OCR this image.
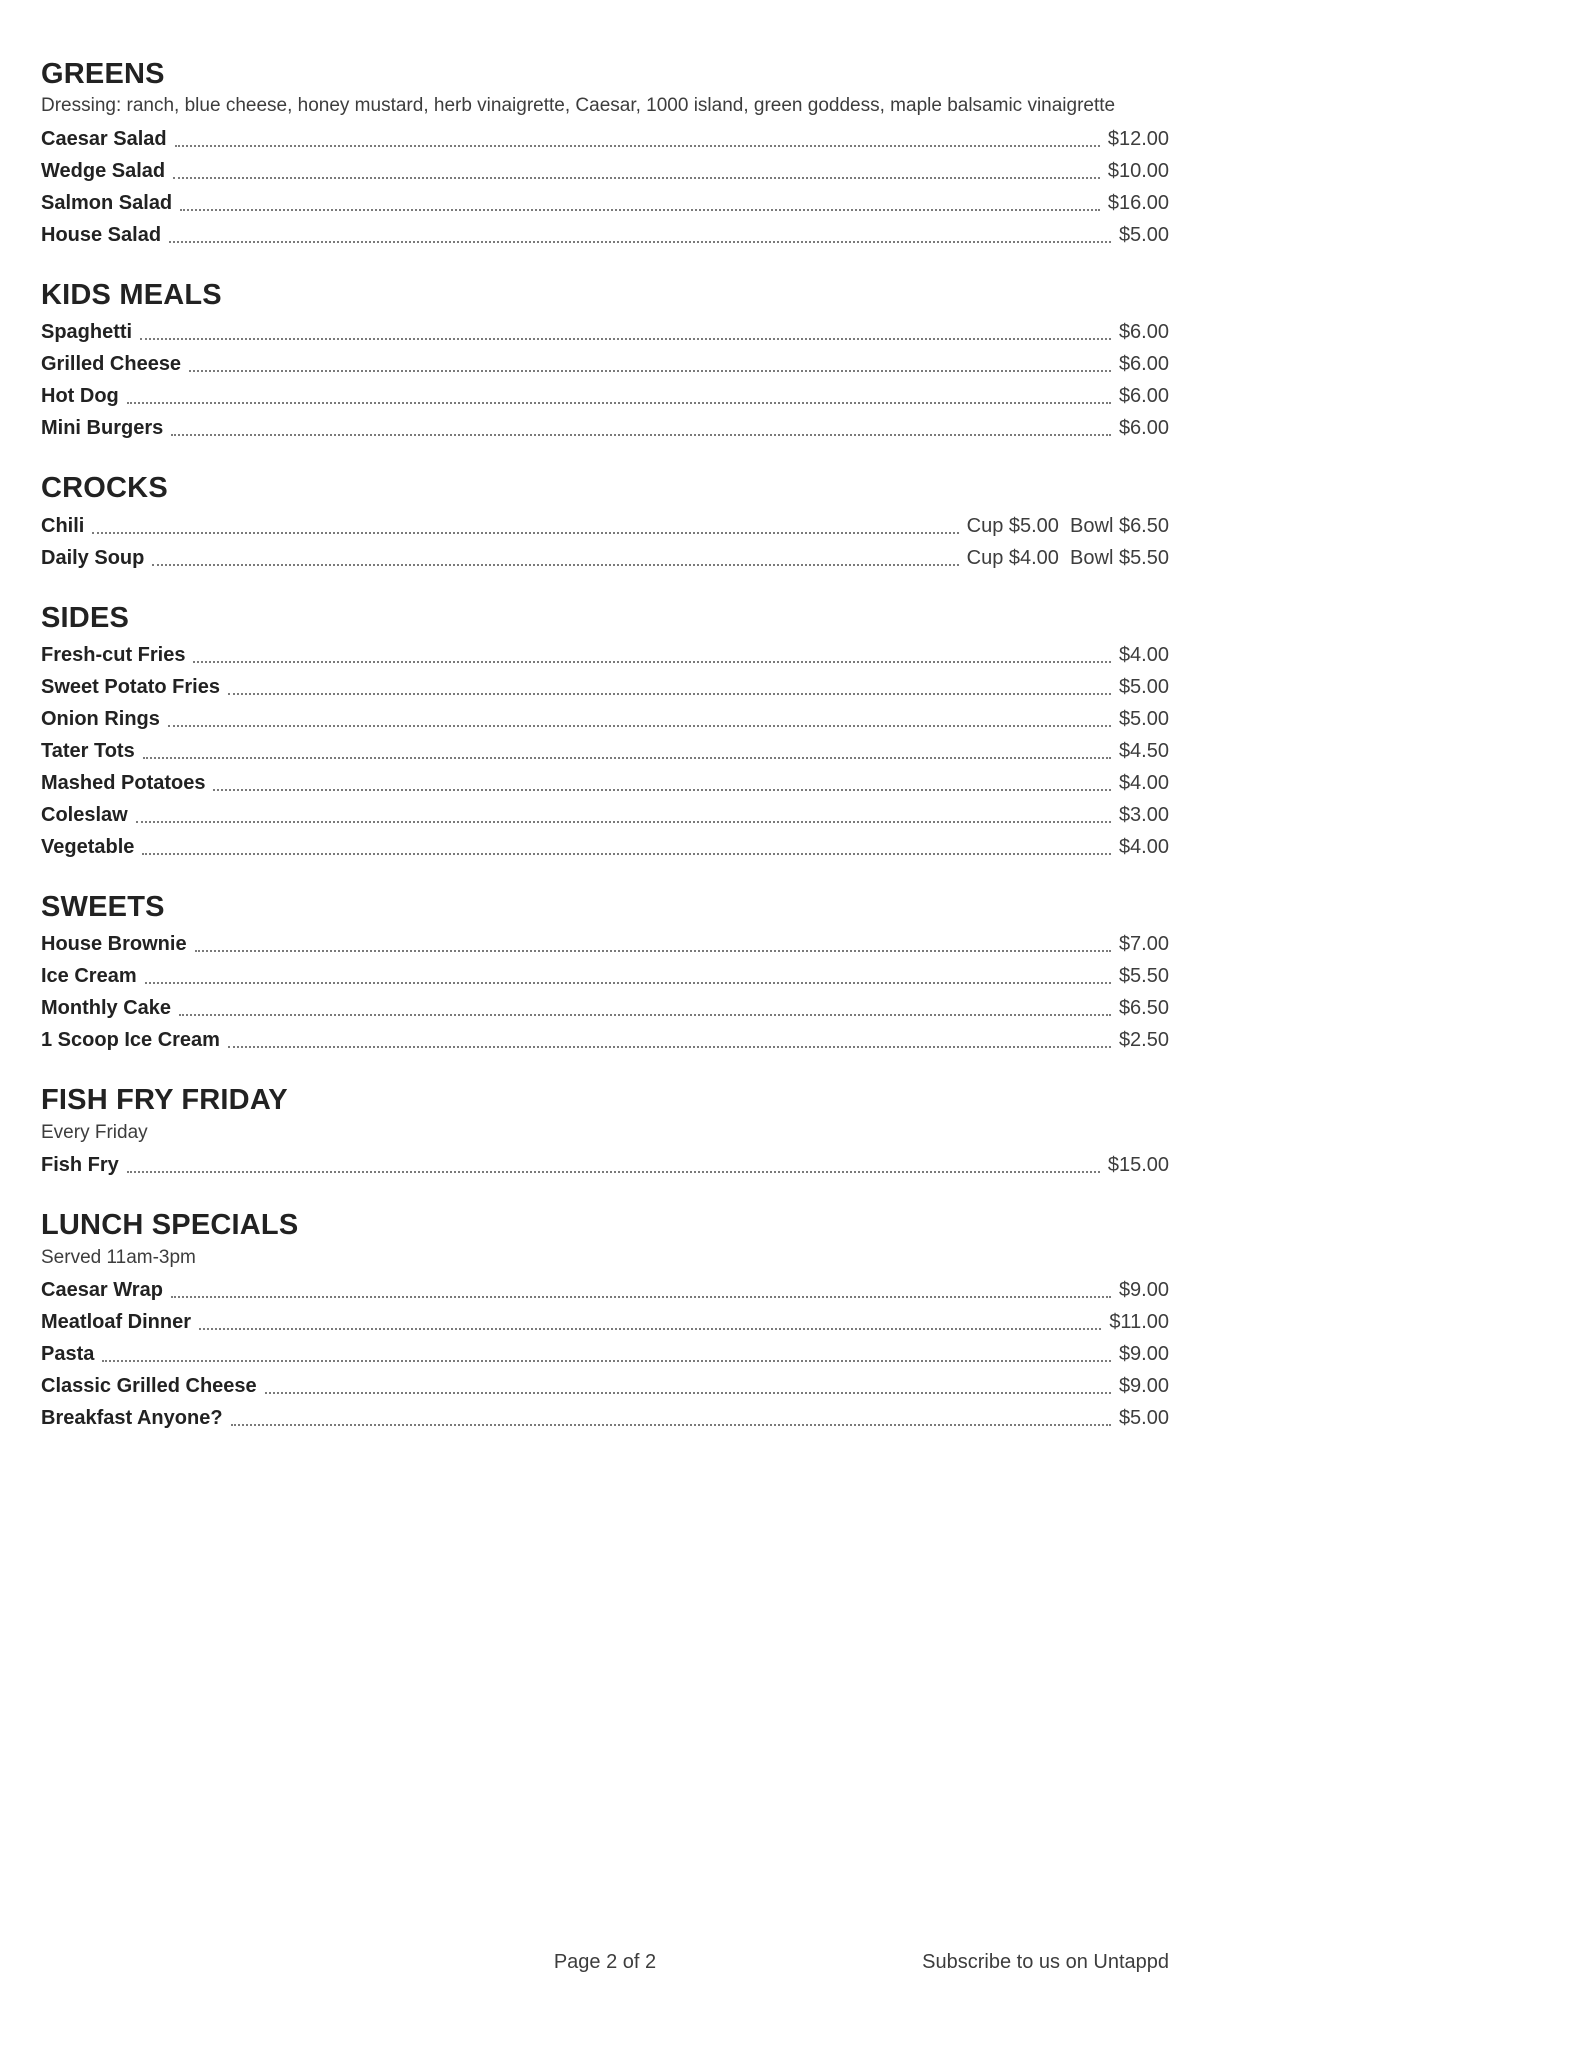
GREENS

Dressing: ranch, blue cheese, honey mustard, herb vinaigrette, Caesar, 1000 island, green goddess, maple balsamic vinaigrette

Caesar Salad	$12.00
Wedge Salad	$10.00
Salmon Salad	$16.00
House Salad	$5.00
KIDS MEALS
Spaghetti	$6.00
Grilled Cheese	$6.00
Hot Dog	$6.00
Mini Burgers	$6.00
CROCKS
Chili	Cup $5.00  Bowl $6.50
Daily Soup	Cup $4.00  Bowl $5.50
SIDES
Fresh-cut Fries	$4.00
Sweet Potato Fries	$5.00
Onion Rings	$5.00
Tater Tots	$4.50
Mashed Potatoes	$4.00
Coleslaw	$3.00
Vegetable	$4.00
SWEETS
House Brownie	$7.00
Ice Cream	$5.50
Monthly Cake	$6.50
1 Scoop Ice Cream	$2.50
FISH FRY FRIDAY

Every Friday

Fish Fry	$15.00
LUNCH SPECIALS

Served 11am-3pm

Caesar Wrap	$9.00
Meatloaf Dinner	$11.00
Pasta	$9.00
Classic Grilled Cheese	$9.00
Breakfast Anyone?	$5.00
Page 2 of 2	Subscribe to us on Untappd
